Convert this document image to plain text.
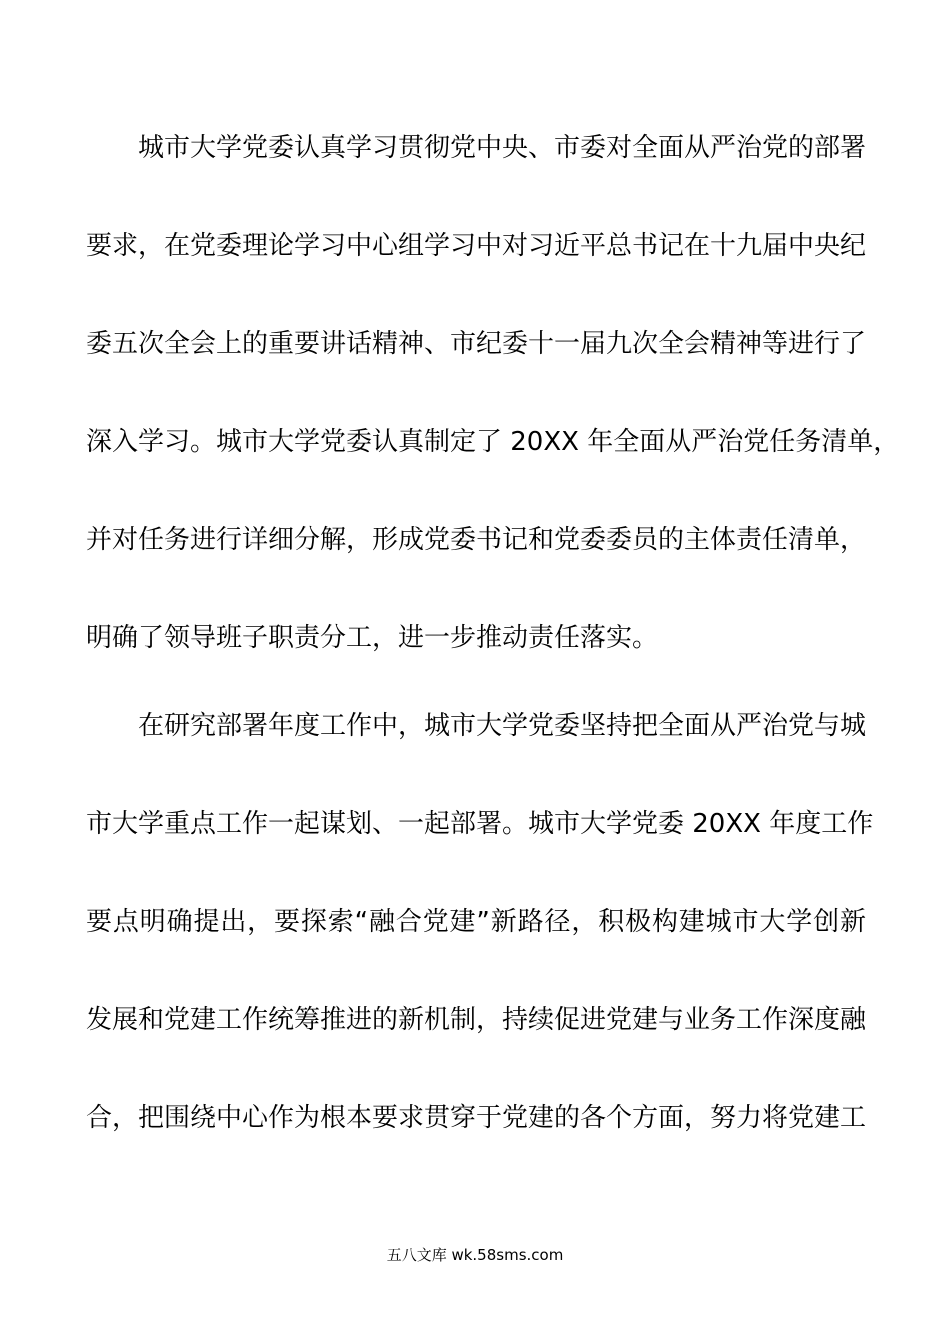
城市大学党委认真学习贯彻党中央、市委对全面从严治党的部署
要求，在党委理论学习中心组学习中对习近平总书记在十九届中央纪
委五次全会上的重要讲话精神、市纪委十一届九次全会精神等进行了
深入学习。城市大学党委认真制定了 20XX 年全面从严治党任务清单，
并对任务进行详细分解，形成党委书记和党委委员的主体责任清单，
明确了领导班子职责分工，进一步推动责任落实。
在研究部署年度工作中，城市大学党委坚持把全面从严治党与城
市大学重点工作一起谋划、一起部署。城市大学党委 20XX 年度工作
要点明确提出，要探索“融合党建”新路径，积极构建城市大学创新
发展和党建工作统筹推进的新机制，持续促进党建与业务工作深度融
合，把围绕中心作为根本要求贯穿于党建的各个方面，努力将党建工
五八文库 wk.58sms.com
